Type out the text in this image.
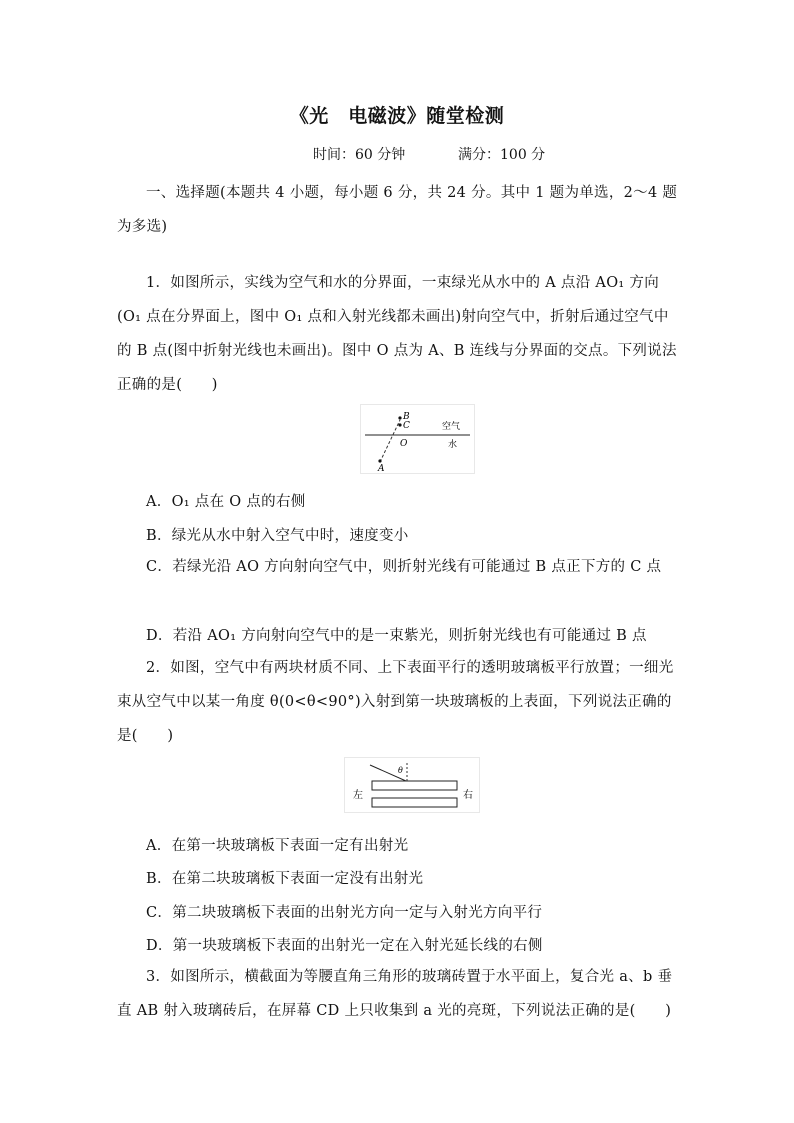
《光　电磁波》随堂检测
时间：60 分钟	满分：100 分
一、选择题(本题共 4 小题，每小题 6 分，共 24 分。其中 1 题为单选，2～4 题为多选)
1．如图所示，实线为空气和水的分界面，一束绿光从水中的 A 点沿 AO₁ 方向(O₁ 点在分界面上，图中 O₁ 点和入射光线都未画出)射向空气中，折射后通过空气中的 B 点(图中折射光线也未画出)。图中 O 点为 A、B 连线与分界面的交点。下列说法正确的是(　　)
B
C
O
A
空气
水
A．O₁ 点在 O 点的右侧
B．绿光从水中射入空气中时，速度变小
C．若绿光沿 AO 方向射向空气中，则折射光线有可能通过 B 点正下方的 C 点
D．若沿 AO₁ 方向射向空气中的是一束紫光，则折射光线也有可能通过 B 点
2．如图，空气中有两块材质不同、上下表面平行的透明玻璃板平行放置；一细光束从空气中以某一角度 θ(0<θ<90°)入射到第一块玻璃板的上表面，下列说法正确的是(　　)
θ
左	右
A．在第一块玻璃板下表面一定有出射光
B．在第二块玻璃板下表面一定没有出射光
C．第二块玻璃板下表面的出射光方向一定与入射光方向平行
D．第一块玻璃板下表面的出射光一定在入射光延长线的右侧
3．如图所示，横截面为等腰直角三角形的玻璃砖置于水平面上，复合光 a、b 垂直 AB 射入玻璃砖后，在屏幕 CD 上只收集到 a 光的亮斑，下列说法正确的是(　　)
